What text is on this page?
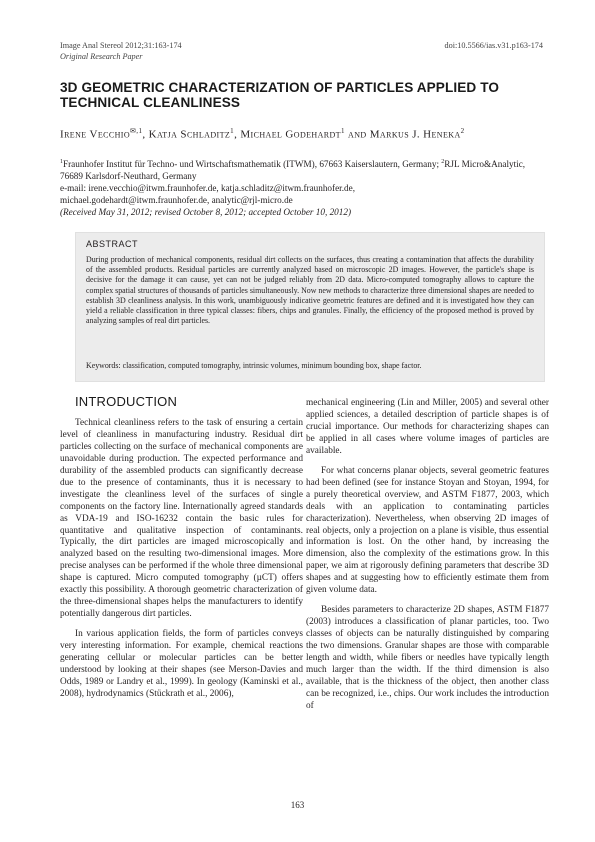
Image Anal Stereol 2012;31:163-174
Original Research Paper
doi:10.5566/ias.v31.p163-174
3D GEOMETRIC CHARACTERIZATION OF PARTICLES APPLIED TO TECHNICAL CLEANLINESS
Irene Vecchio$^{✉,1}$, Katja Schladitz$^1$, Michael Godehardt$^1$ and Markus J. Heneka$^2$
$^1$Fraunhofer Institut für Techno- und Wirtschaftsmathematik (ITWM), 67663 Kaiserslautern, Germany; $^2$RJL Micro&Analytic, 76689 Karlsdorf-Neuthard, Germany
e-mail: irene.vecchio@itwm.fraunhofer.de, katja.schladitz@itwm.fraunhofer.de,
michael.godehardt@itwm.fraunhofer.de, analytic@rjl-micro.de
(Received May 31, 2012; revised October 8, 2012; accepted October 10, 2012)
ABSTRACT
During production of mechanical components, residual dirt collects on the surfaces, thus creating a contamination that affects the durability of the assembled products. Residual particles are currently analyzed based on microscopic 2D images. However, the particle's shape is decisive for the damage it can cause, yet can not be judged reliably from 2D data. Micro-computed tomography allows to capture the complex spatial structures of thousands of particles simultaneously. Now new methods to characterize three dimensional shapes are needed to establish 3D cleanliness analysis. In this work, unambiguously indicative geometric features are defined and it is investigated how they can yield a reliable classification in three typical classes: fibers, chips and granules. Finally, the efficiency of the proposed method is proved by analyzing samples of real dirt particles.
Keywords: classification, computed tomography, intrinsic volumes, minimum bounding box, shape factor.
INTRODUCTION

Technical cleanliness refers to the task of ensuring a certain level of cleanliness in manufacturing industry. Residual dirt particles collecting on the surface of mechanical components are unavoidable during production. The expected performance and durability of the assembled products can significantly decrease due to the presence of contaminants, thus it is necessary to investigate the cleanliness level of the surfaces of single components on the factory line. Internationally agreed standards as VDA-19 and ISO-16232 contain the basic rules for quantitative and qualitative inspection of contaminants. Typically, the dirt particles are imaged microscopically and analyzed based on the resulting two-dimensional images. More precise analyses can be performed if the whole three dimensional shape is captured. Micro computed tomography (µCT) offers exactly this possibility. A thorough geometric characterization of the three-dimensional shapes helps the manufacturers to identify potentially dangerous dirt particles.

In various application fields, the form of particles conveys very interesting information. For example, chemical reactions generating cellular or molecular particles can be better understood by looking at their shapes (see Merson-Davies and Odds, 1989 or Landry et al., 1999). In geology (Kaminski et al., 2008), hydrodynamics (Stückrath et al., 2006),

mechanical engineering (Lin and Miller, 2005) and several other applied sciences, a detailed description of particle shapes is of crucial importance. Our methods for characterizing shapes can be applied in all cases where volume images of particles are available.

For what concerns planar objects, several geometric features had been defined (see for instance Stoyan and Stoyan, 1994, for a purely theoretical overview, and ASTM F1877, 2003, which deals with an application to contaminating particles characterization). Nevertheless, when observing 2D images of real objects, only a projection on a plane is visible, thus essential information is lost. On the other hand, by increasing the dimension, also the complexity of the estimations grow. In this paper, we aim at rigorously defining parameters that describe 3D shapes and at suggesting how to efficiently estimate them from given volume data.

Besides parameters to characterize 2D shapes, ASTM F1877 (2003) introduces a classification of planar particles, too. Two classes of objects can be naturally distinguished by comparing the two dimensions. Granular shapes are those with comparable length and width, while fibers or needles have typically length much larger than the width. If the third dimension is also available, that is the thickness of the object, then another class can be recognized, i.e., chips. Our work includes the introduction of

163
